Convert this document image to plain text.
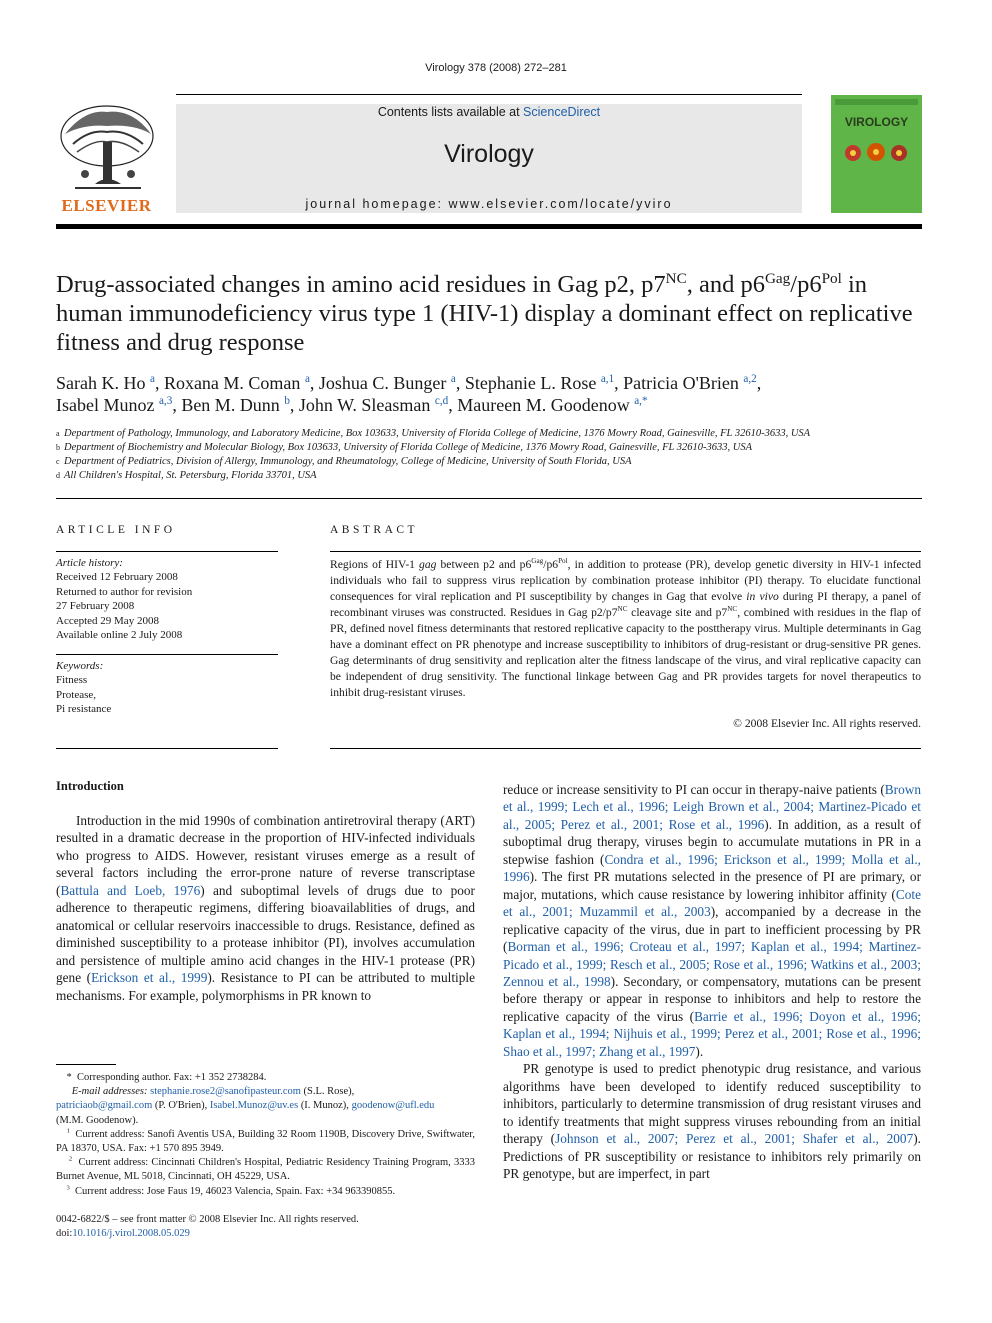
Virology 378 (2008) 272–281
ELSEVIER
Contents lists available at ScienceDirect
Virology
journal homepage: www.elsevier.com/locate/yviro
VIROLOGY
Drug-associated changes in amino acid residues in Gag p2, $p7^{NC}$, and $p6^{Gag}/p6^{Pol}$ in human immunodeficiency virus type 1 (HIV-1) display a dominant effect on replicative fitness and drug response
Sarah K. Ho $^a$, Roxana M. Coman $^a$, Joshua C. Bunger $^a$, Stephanie L. Rose $^{a,1}$, Patricia O'Brien $^{a,2}$,
Isabel Munoz $^{a,3}$, Ben M. Dunn $^b$, John W. Sleasman $^{c,d}$, Maureen M. Goodenow $^{a,*}$
a Department of Pathology, Immunology, and Laboratory Medicine, Box 103633, University of Florida College of Medicine, 1376 Mowry Road, Gainesville, FL 32610-3633, USA
b Department of Biochemistry and Molecular Biology, Box 103633, University of Florida College of Medicine, 1376 Mowry Road, Gainesville, FL 32610-3633, USA
c Department of Pediatrics, Division of Allergy, Immunology, and Rheumatology, College of Medicine, University of South Florida, USA
d All Children's Hospital, St. Petersburg, Florida 33701, USA
ARTICLE INFO
Article history:
Received 12 February 2008
Returned to author for revision
27 February 2008
Accepted 29 May 2008
Available online 2 July 2008
Keywords:
Fitness
Protease,
Pi resistance
ABSTRACT
Regions of HIV-1 gag between p2 and $p6^{Gag}/p6^{Pol}$, in addition to protease (PR), develop genetic diversity in HIV-1 infected individuals who fail to suppress virus replication by combination protease inhibitor (PI) therapy. To elucidate functional consequences for viral replication and PI susceptibility by changes in Gag that evolve in vivo during PI therapy, a panel of recombinant viruses was constructed. Residues in Gag $p2/p7^{NC}$ cleavage site and $p7^{NC}$, combined with residues in the flap of PR, defined novel fitness determinants that restored replicative capacity to the posttherapy virus. Multiple determinants in Gag have a dominant effect on PR phenotype and increase susceptibility to inhibitors of drug-resistant or drug-sensitive PR genes. Gag determinants of drug sensitivity and replication alter the fitness landscape of the virus, and viral replicative capacity can be independent of drug sensitivity. The functional linkage between Gag and PR provides targets for novel therapeutics to inhibit drug-resistant viruses.
© 2008 Elsevier Inc. All rights reserved.
Introduction
Introduction in the mid 1990s of combination antiretroviral therapy (ART) resulted in a dramatic decrease in the proportion of HIV-infected individuals who progress to AIDS. However, resistant viruses emerge as a result of several factors including the error-prone nature of reverse transcriptase (Battula and Loeb, 1976) and suboptimal levels of drugs due to poor adherence to therapeutic regimens, differing bioavailablities of drugs, and anatomical or cellular reservoirs inaccessible to drugs. Resistance, defined as diminished susceptibility to a protease inhibitor (PI), involves accumulation and persistence of multiple amino acid changes in the HIV-1 protease (PR) gene (Erickson et al., 1999). Resistance to PI can be attributed to multiple mechanisms. For example, polymorphisms in PR known to

reduce or increase sensitivity to PI can occur in therapy-naive patients (Brown et al., 1999; Lech et al., 1996; Leigh Brown et al., 2004; Martinez-Picado et al., 2005; Perez et al., 2001; Rose et al., 1996). In addition, as a result of suboptimal drug therapy, viruses begin to accumulate mutations in PR in a stepwise fashion (Condra et al., 1996; Erickson et al., 1999; Molla et al., 1996). The first PR mutations selected in the presence of PI are primary, or major, mutations, which cause resistance by lowering inhibitor affinity (Cote et al., 2001; Muzammil et al., 2003), accompanied by a decrease in the replicative capacity of the virus, due in part to inefficient processing by PR (Borman et al., 1996; Croteau et al., 1997; Kaplan et al., 1994; Martinez-Picado et al., 1999; Resch et al., 2005; Rose et al., 1996; Watkins et al., 2003; Zennou et al., 1998). Secondary, or compensatory, mutations can be present before therapy or appear in response to inhibitors and help to restore the replicative capacity of the virus (Barrie et al., 1996; Doyon et al., 1996; Kaplan et al., 1994; Nijhuis et al., 1999; Perez et al., 2001; Rose et al., 1996; Shao et al., 1997; Zhang et al., 1997).

PR genotype is used to predict phenotypic drug resistance, and various algorithms have been developed to identify reduced susceptibility to inhibitors, particularly to determine transmission of drug resistant viruses and to identify treatments that might suppress viruses rebounding from an initial therapy (Johnson et al., 2007; Perez et al., 2001; Shafer et al., 2007). Predictions of PR susceptibility or resistance to inhibitors rely primarily on PR genotype, but are imperfect, in part

*  Corresponding author. Fax: +1 352 2738284.
E-mail addresses: stephanie.rose2@sanofipasteur.com (S.L. Rose),
patriciaob@gmail.com (P. O'Brien), Isabel.Munoz@uv.es (I. Munoz), goodenow@ufl.edu
(M.M. Goodenow).
$^1$ Current address: Sanofi Aventis USA, Building 32 Room 1190B, Discovery Drive, Swiftwater, PA 18370, USA. Fax: +1 570 895 3949.
$^2$ Current address: Cincinnati Children's Hospital, Pediatric Residency Training Program, 3333 Burnet Avenue, ML 5018, Cincinnati, OH 45229, USA.
$^3$ Current address: Jose Faus 19, 46023 Valencia, Spain. Fax: +34 963390855.
0042-6822/$ – see front matter © 2008 Elsevier Inc. All rights reserved.
doi:10.1016/j.virol.2008.05.029
